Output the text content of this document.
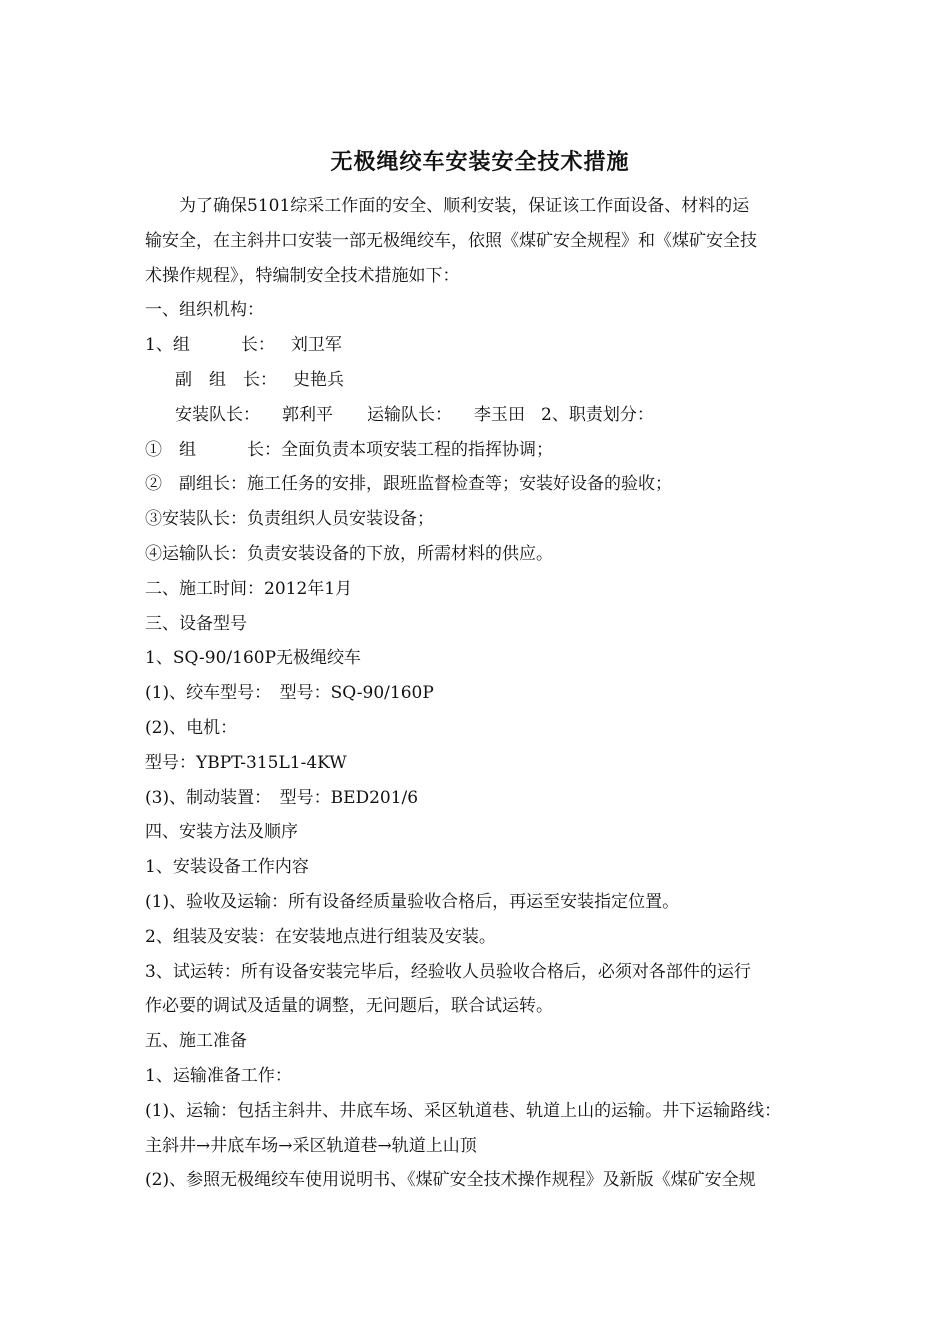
无极绳绞车安装安全技术措施

为了确保5101综采工作面的安全、顺利安装，保证该工作面设备、材料的运

输安全，在主斜井口安装一部无极绳绞车，依照《煤矿安全规程》和《煤矿安全技

术操作规程》，特编制安全技术措施如下：

一、组织机构：

1、组　　　长： 刘卫军

副　组　长： 史艳兵

安装队长： 郭利平 运输队长： 李玉田 2、职责划分：

①　组　　　长：全面负责本项安装工程的指挥协调；

②　副组长：施工任务的安排，跟班监督检查等；安装好设备的验收；

③安装队长：负责组织人员安装设备；

④运输队长：负责安装设备的下放，所需材料的供应。

二、施工时间：2012年1月

三、设备型号

1、SQ-90/160P无极绳绞车

(1)、绞车型号：　型号：SQ-90/160P

(2)、电机：

型号：YBPT-315L1-4KW

(3)、制动装置：　型号：BED201/6

四、安装方法及顺序

1、安装设备工作内容

(1)、验收及运输：所有设备经质量验收合格后，再运至安装指定位置。

2、组装及安装：在安装地点进行组装及安装。

3、试运转：所有设备安装完毕后，经验收人员验收合格后，必须对各部件的运行

作必要的调试及适量的调整，无问题后，联合试运转。

五、施工准备

1、运输准备工作：

(1)、运输：包括主斜井、井底车场、采区轨道巷、轨道上山的运输。井下运输路线：

主斜井→井底车场→采区轨道巷→轨道上山顶

(2)、参照无极绳绞车使用说明书、《煤矿安全技术操作规程》及新版《煤矿安全规
